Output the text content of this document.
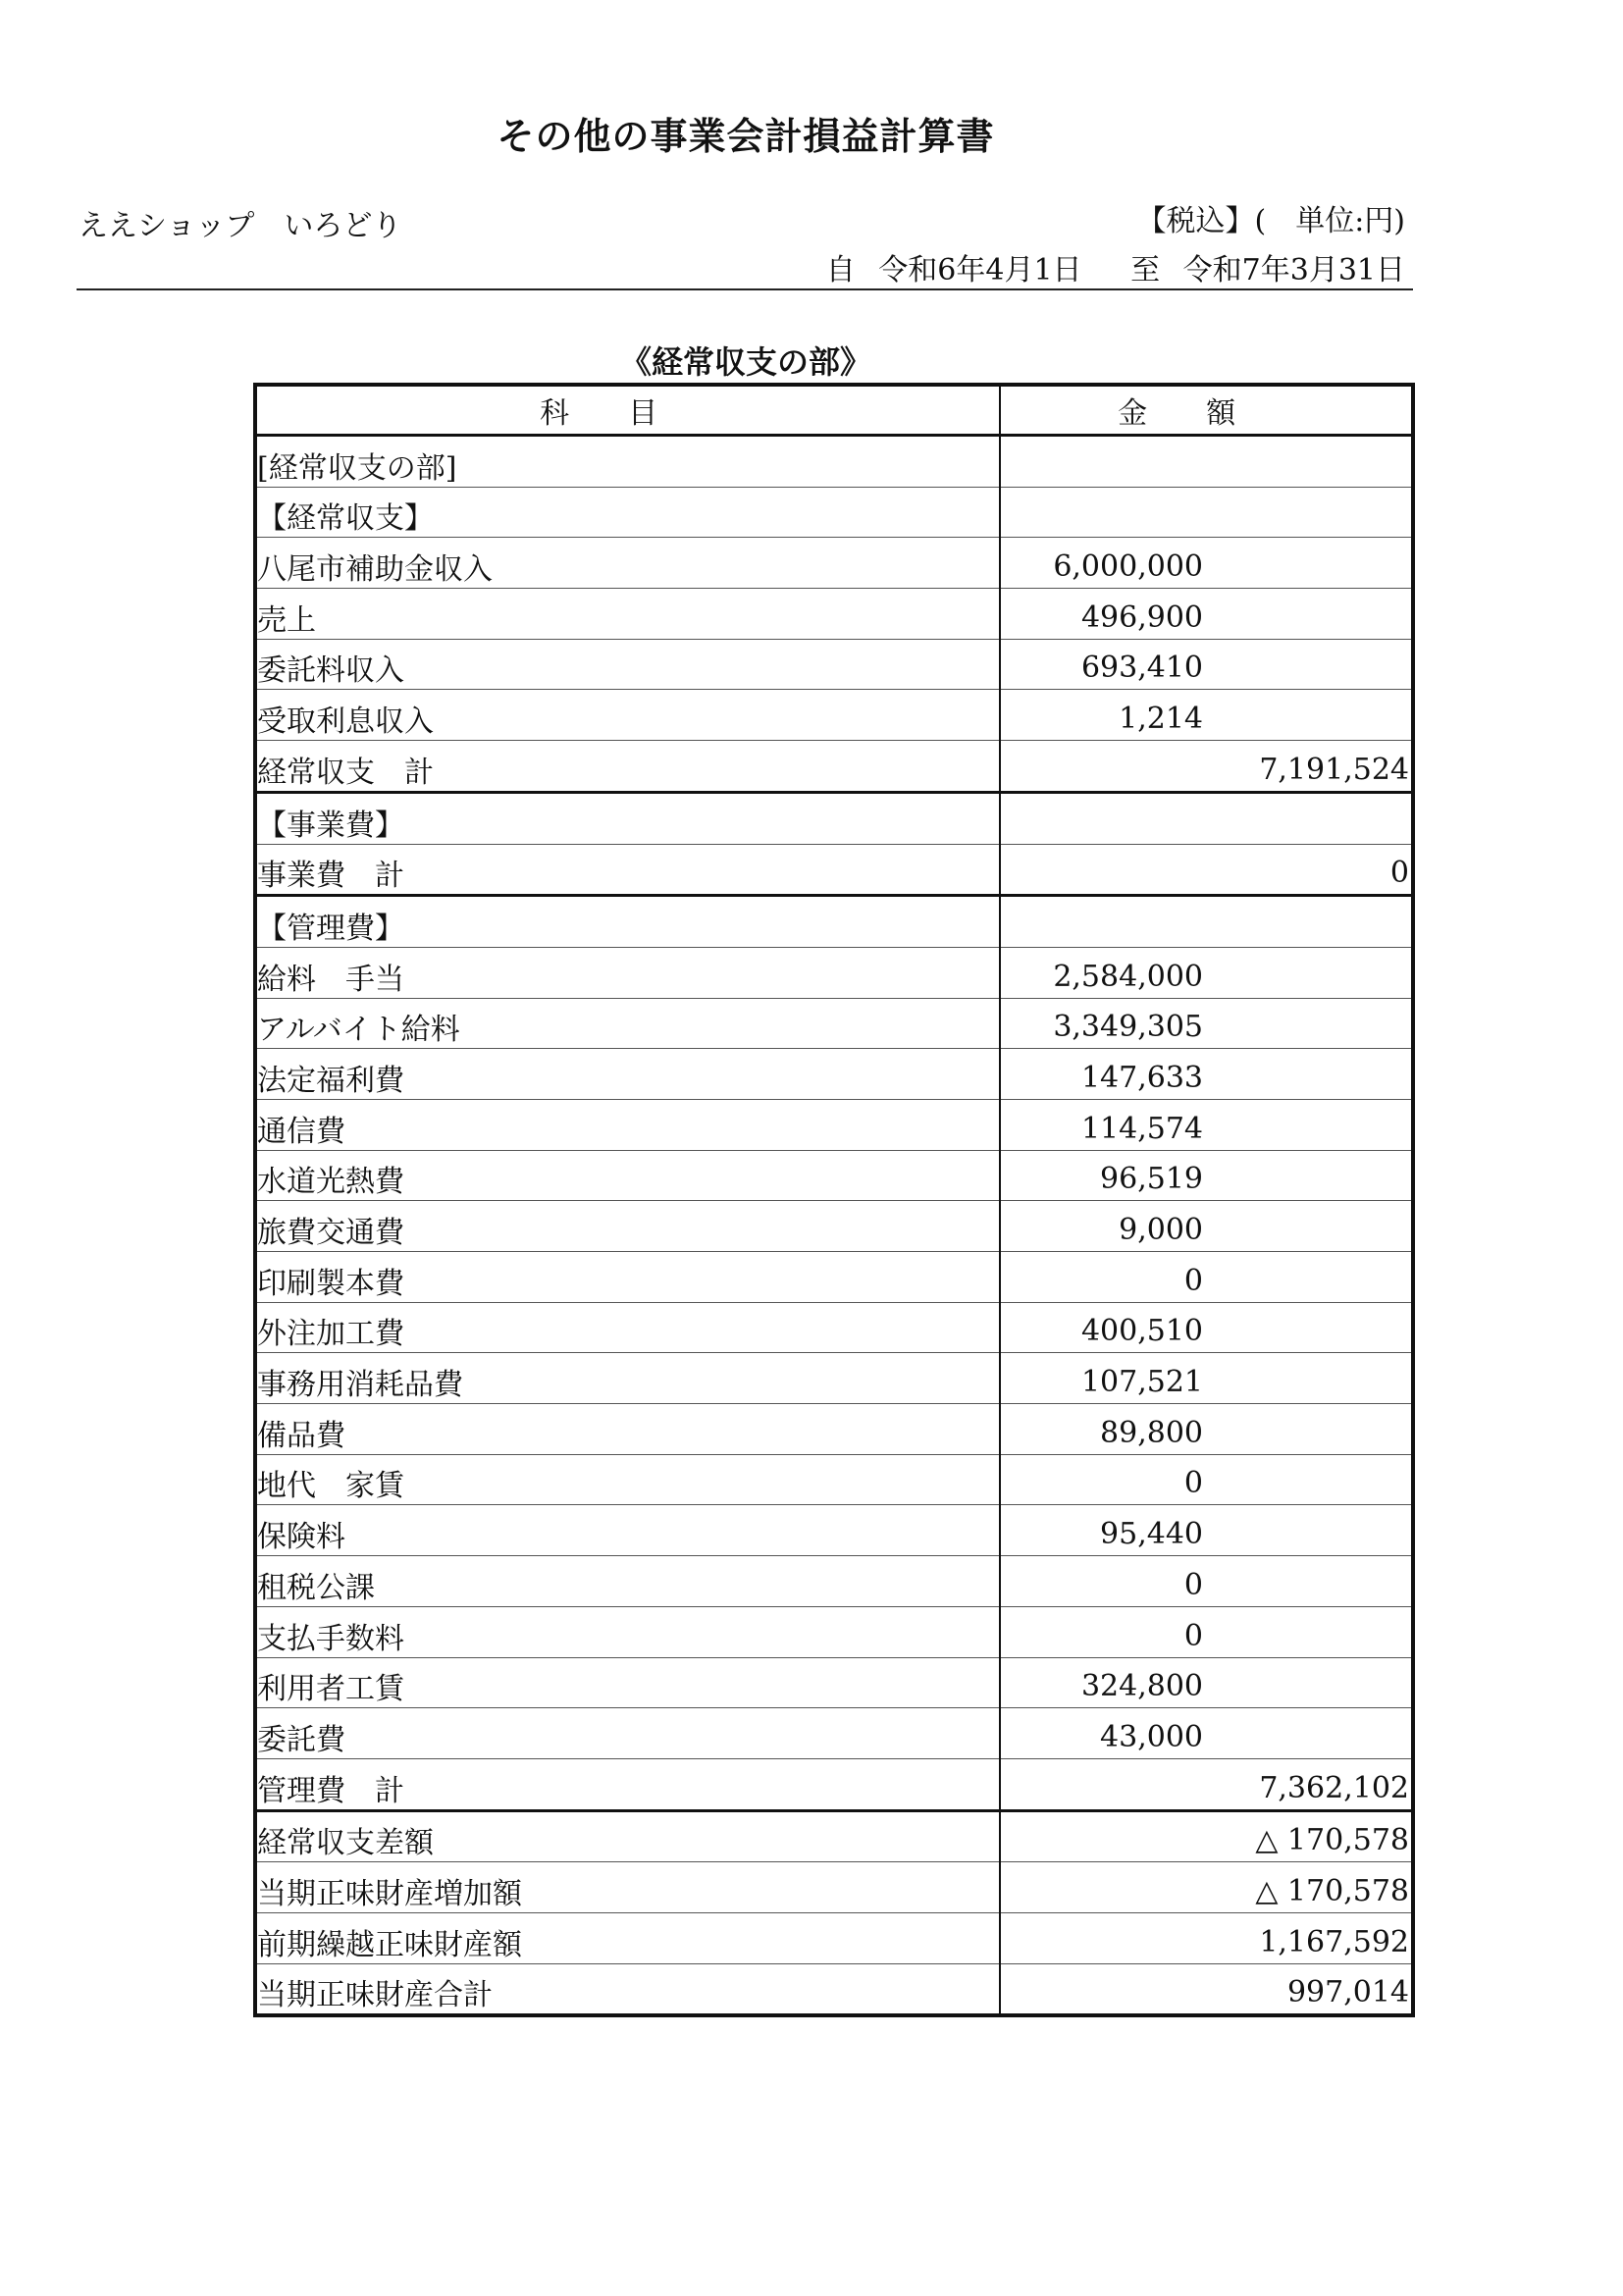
その他の事業会計損益計算書
ええショップ　いろどり	【税込】(　単位:円)
自 令和6年4月1日 至 令和7年3月31日
《経常収支の部》
科目	金額
[経常収支の部]	

【経常収支】	

八尾市補助金収入	6,000,000

売上	496,900

委託料収入	693,410

受取利息収入	1,214

経常収支　計	7,191,524

【事業費】	

事業費　計	0

【管理費】	

給料　手当	2,584,000

アルバイト給料	3,349,305

法定福利費	147,633

通信費	114,574

水道光熱費	96,519

旅費交通費	9,000

印刷製本費	0

外注加工費	400,510

事務用消耗品費	107,521

備品費	89,800

地代　家賃	0

保険料	95,440

租税公課	0

支払手数料	0

利用者工賃	324,800

委託費	43,000

管理費　計	7,362,102

経常収支差額	△ 170,578

当期正味財産増加額	△ 170,578

前期繰越正味財産額	1,167,592

当期正味財産合計	997,014
